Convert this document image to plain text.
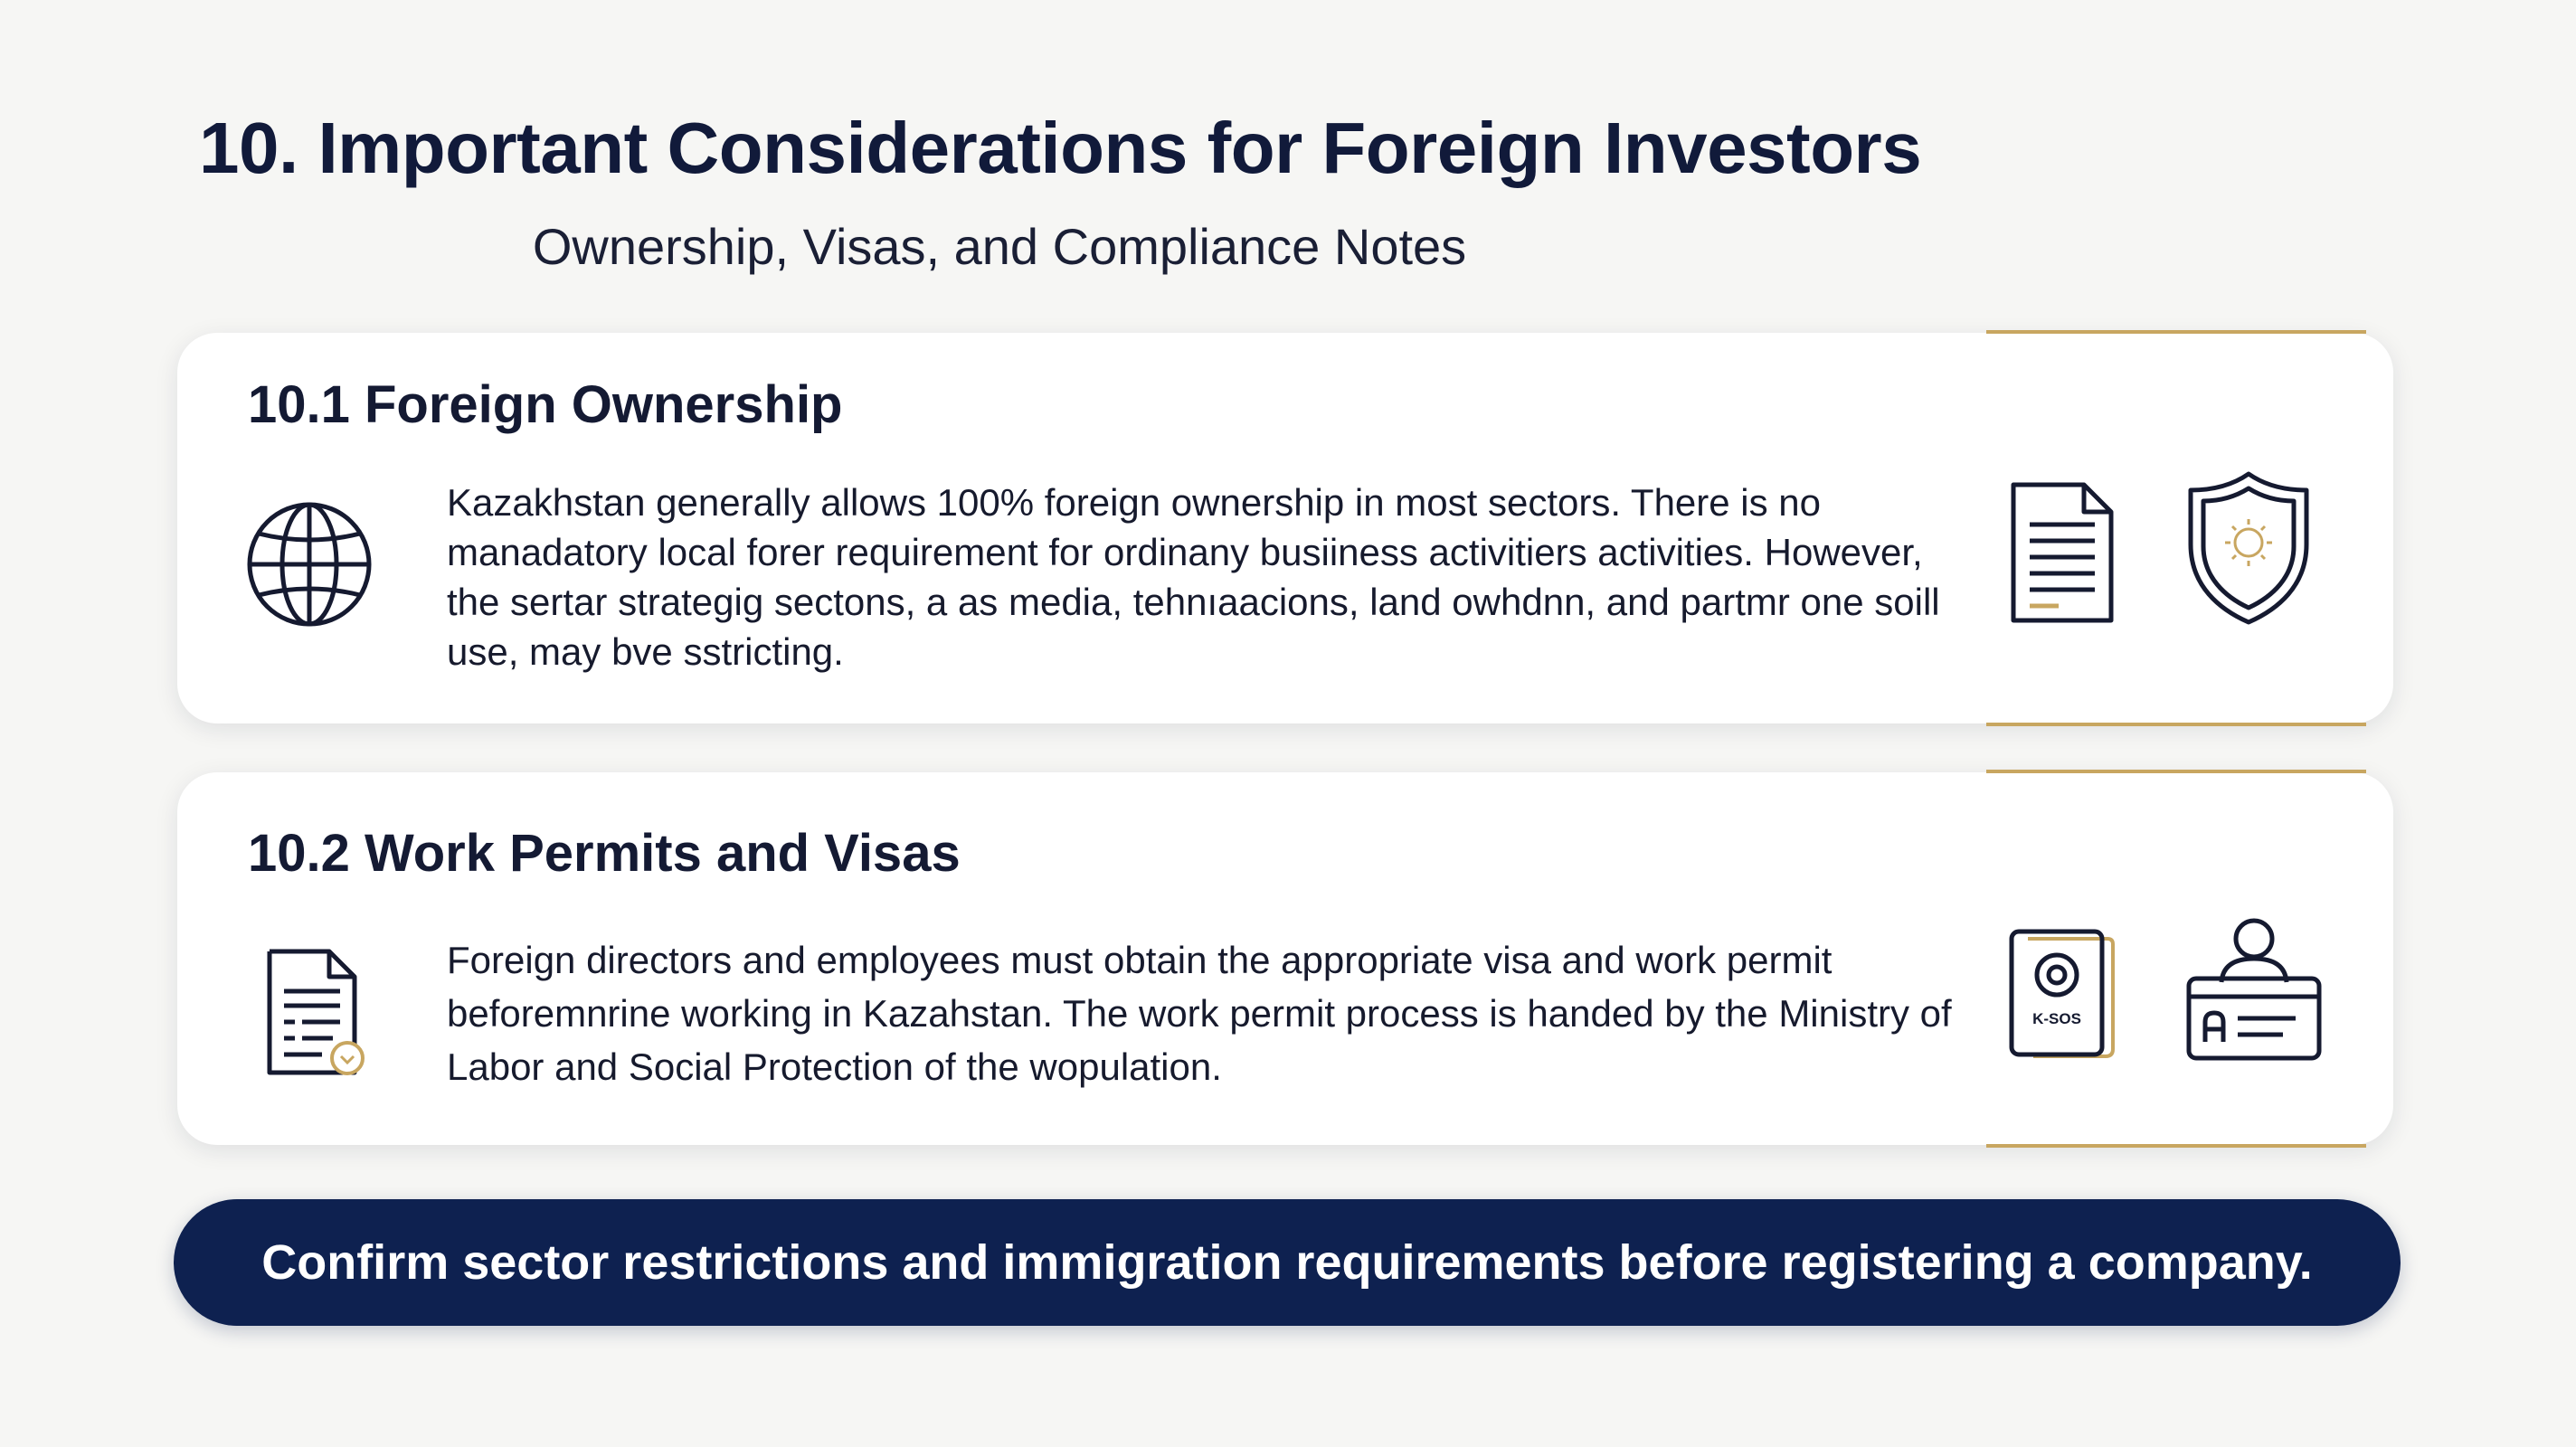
10. Important Considerations for Foreign Investors
Ownership, Visas, and Compliance Notes
10.1 Foreign Ownership
Kazakhstan generally allows 100% foreign ownership in most sectors. There is no manadatory local forer requirement for ordinany busiiness activitiers activities. However, the sertar strategig sectons, a as media, tehnıaacions, land owhdnn, and partmr one soill use, may bve sstricting.
10.2 Work Permits and Visas
Foreign directors and employees must obtain the appropriate visa and work permit beforemnrine working in Kazahstan. The work permit process is handed by the Ministry of Labor and Social Protection of the wopulation.
K-SOS
Confirm sector restrictions and immigration requirements before registering a company.
